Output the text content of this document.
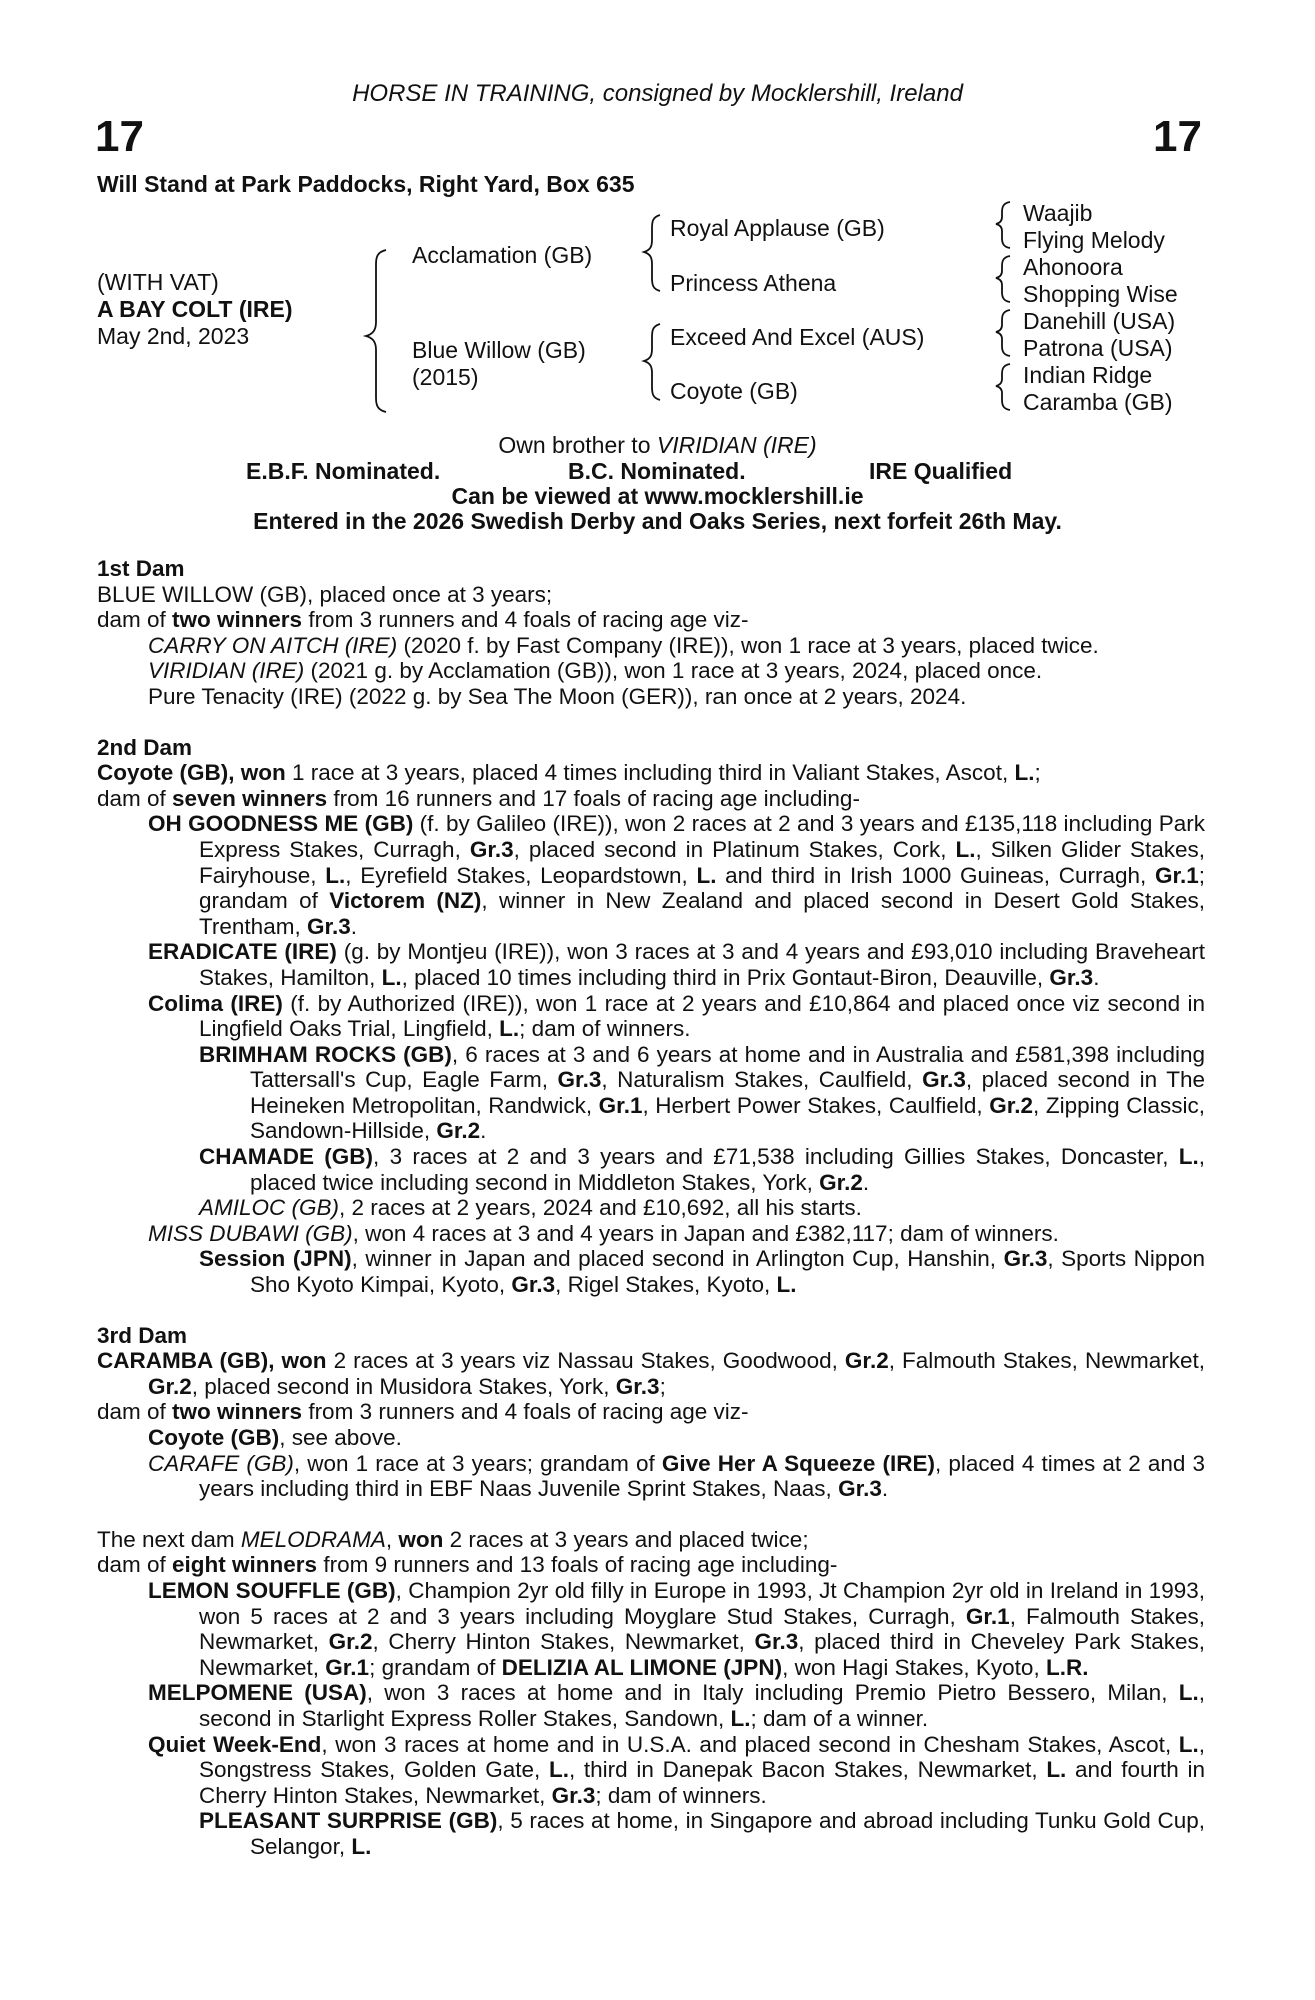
HORSE IN TRAINING, consigned by Mocklershill, Ireland
17	17
Will Stand at Park Paddocks, Right Yard, Box 635
(WITH VAT)
A BAY COLT (IRE)
May 2nd, 2023
Acclamation (GB)
Blue Willow (GB)
(2015)
Royal Applause (GB)
Princess Athena
Exceed And Excel (AUS)
Coyote (GB)
Waajib
Flying Melody
Ahonoora
Shopping Wise
Danehill (USA)
Patrona (USA)
Indian Ridge
Caramba (GB)
Own brother to VIRIDIAN (IRE)
E.B.F. Nominated.	B.C. Nominated.	IRE Qualified
Can be viewed at www.mocklershill.ie
Entered in the 2026 Swedish Derby and Oaks Series, next forfeit 26th May.

1st Dam

BLUE WILLOW (GB), placed once at 3 years;

dam of two winners from 3 runners and 4 foals of racing age viz-

CARRY ON AITCH (IRE) (2020 f. by Fast Company (IRE)), won 1 race at 3 years, placed twice.

VIRIDIAN (IRE) (2021 g. by Acclamation (GB)), won 1 race at 3 years, 2024, placed once.

Pure Tenacity (IRE) (2022 g. by Sea The Moon (GER)), ran once at 2 years, 2024.

2nd Dam

Coyote (GB), won 1 race at 3 years, placed 4 times including third in Valiant Stakes, Ascot, L.;

dam of seven winners from 16 runners and 17 foals of racing age including-

OH GOODNESS ME (GB) (f. by Galileo (IRE)), won 2 races at 2 and 3 years and £135,118 including Park Express Stakes, Curragh, Gr.3, placed second in Platinum Stakes, Cork, L., Silken Glider Stakes, Fairyhouse, L., Eyrefield Stakes, Leopardstown, L. and third in Irish 1000 Guineas, Curragh, Gr.1; grandam of Victorem (NZ), winner in New Zealand and placed second in Desert Gold Stakes, Trentham, Gr.3.

ERADICATE (IRE) (g. by Montjeu (IRE)), won 3 races at 3 and 4 years and £93,010 including Braveheart Stakes, Hamilton, L., placed 10 times including third in Prix Gontaut-Biron, Deauville, Gr.3.

Colima (IRE) (f. by Authorized (IRE)), won 1 race at 2 years and £10,864 and placed once viz second in Lingfield Oaks Trial, Lingfield, L.; dam of winners.

BRIMHAM ROCKS (GB), 6 races at 3 and 6 years at home and in Australia and £581,398 including Tattersall's Cup, Eagle Farm, Gr.3, Naturalism Stakes, Caulfield, Gr.3, placed second in The Heineken Metropolitan, Randwick, Gr.1, Herbert Power Stakes, Caulfield, Gr.2, Zipping Classic, Sandown-Hillside, Gr.2.

CHAMADE (GB), 3 races at 2 and 3 years and £71,538 including Gillies Stakes, Doncaster, L., placed twice including second in Middleton Stakes, York, Gr.2.

AMILOC (GB), 2 races at 2 years, 2024 and £10,692, all his starts.

MISS DUBAWI (GB), won 4 races at 3 and 4 years in Japan and £382,117; dam of winners.

Session (JPN), winner in Japan and placed second in Arlington Cup, Hanshin, Gr.3, Sports Nippon Sho Kyoto Kimpai, Kyoto, Gr.3, Rigel Stakes, Kyoto, L.

3rd Dam

CARAMBA (GB), won 2 races at 3 years viz Nassau Stakes, Goodwood, Gr.2, Falmouth Stakes, Newmarket, Gr.2, placed second in Musidora Stakes, York, Gr.3;

dam of two winners from 3 runners and 4 foals of racing age viz-

Coyote (GB), see above.

CARAFE (GB), won 1 race at 3 years; grandam of Give Her A Squeeze (IRE), placed 4 times at 2 and 3 years including third in EBF Naas Juvenile Sprint Stakes, Naas, Gr.3.

The next dam MELODRAMA, won 2 races at 3 years and placed twice;

dam of eight winners from 9 runners and 13 foals of racing age including-

LEMON SOUFFLE (GB), Champion 2yr old filly in Europe in 1993, Jt Champion 2yr old in Ireland in 1993, won 5 races at 2 and 3 years including Moyglare Stud Stakes, Curragh, Gr.1, Falmouth Stakes, Newmarket, Gr.2, Cherry Hinton Stakes, Newmarket, Gr.3, placed third in Cheveley Park Stakes, Newmarket, Gr.1; grandam of DELIZIA AL LIMONE (JPN), won Hagi Stakes, Kyoto, L.R.

MELPOMENE (USA), won 3 races at home and in Italy including Premio Pietro Bessero, Milan, L., second in Starlight Express Roller Stakes, Sandown, L.; dam of a winner.

Quiet Week-End, won 3 races at home and in U.S.A. and placed second in Chesham Stakes, Ascot, L., Songstress Stakes, Golden Gate, L., third in Danepak Bacon Stakes, Newmarket, L. and fourth in Cherry Hinton Stakes, Newmarket, Gr.3; dam of winners.

PLEASANT SURPRISE (GB), 5 races at home, in Singapore and abroad including Tunku Gold Cup, Selangor, L.
